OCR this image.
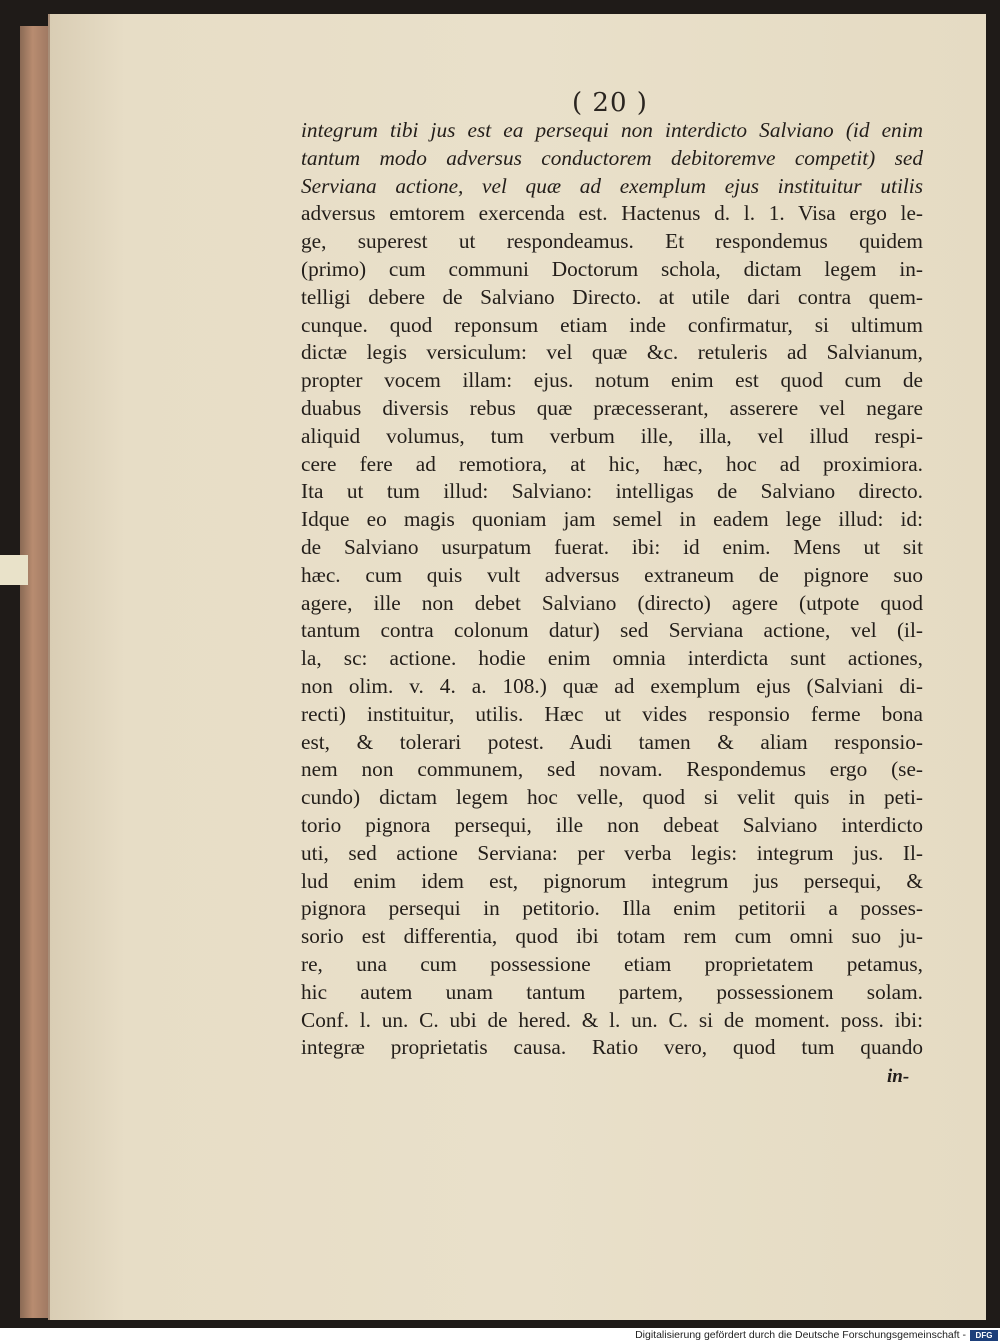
( 20 )
integrum tibi jus est ea persequi non interdicto Salviano (id enim
tantum modo adversus conductorem debitoremve competit) sed
Serviana actione, vel quæ ad exemplum ejus instituitur utilis
adversus emtorem exercenda est. Hactenus d. l. 1. Visa ergo le-
ge, superest ut respondeamus. Et respondemus quidem
(primo) cum communi Doctorum schola, dictam legem in-
telligi debere de Salviano Directo. at utile dari contra quem-
cunque. quod reponsum etiam inde confirmatur, si ultimum
dictæ legis versiculum: vel quæ &c. retuleris ad Salvianum,
propter vocem illam: ejus. notum enim est quod cum de
duabus diversis rebus quæ præcesserant, asserere vel negare
aliquid volumus, tum verbum ille, illa, vel illud respi-
cere fere ad remotiora, at hic, hæc, hoc ad proximiora.
Ita ut tum illud: Salviano: intelligas de Salviano directo.
Idque eo magis quoniam jam semel in eadem lege illud: id:
de Salviano usurpatum fuerat. ibi: id enim. Mens ut sit
hæc. cum quis vult adversus extraneum de pignore suo
agere, ille non debet Salviano (directo) agere (utpote quod
tantum contra colonum datur) sed Serviana actione, vel (il-
la, sc: actione. hodie enim omnia interdicta sunt actiones,
non olim. v. 4. a. 108.) quæ ad exemplum ejus (Salviani di-
recti) instituitur, utilis. Hæc ut vides responsio ferme bona
est, & tolerari potest. Audi tamen & aliam responsio-
nem non communem, sed novam. Respondemus ergo (se-
cundo) dictam legem hoc velle, quod si velit quis in peti-
torio pignora persequi, ille non debeat Salviano interdicto
uti, sed actione Serviana: per verba legis: integrum jus. Il-
lud enim idem est, pignorum integrum jus persequi, &
pignora persequi in petitorio. Illa enim petitorii a posses-
sorio est differentia, quod ibi totam rem cum omni suo ju-
re, una cum possessione etiam proprietatem petamus,
hic autem unam tantum partem, possessionem solam.
Conf. l. un. C. ubi de hered. & l. un. C. si de moment. poss. ibi:
integræ proprietatis causa. Ratio vero, quod tum quando
in-
Digitalisierung gefördert durch die Deutsche Forschungsgemeinschaft -	DFG
